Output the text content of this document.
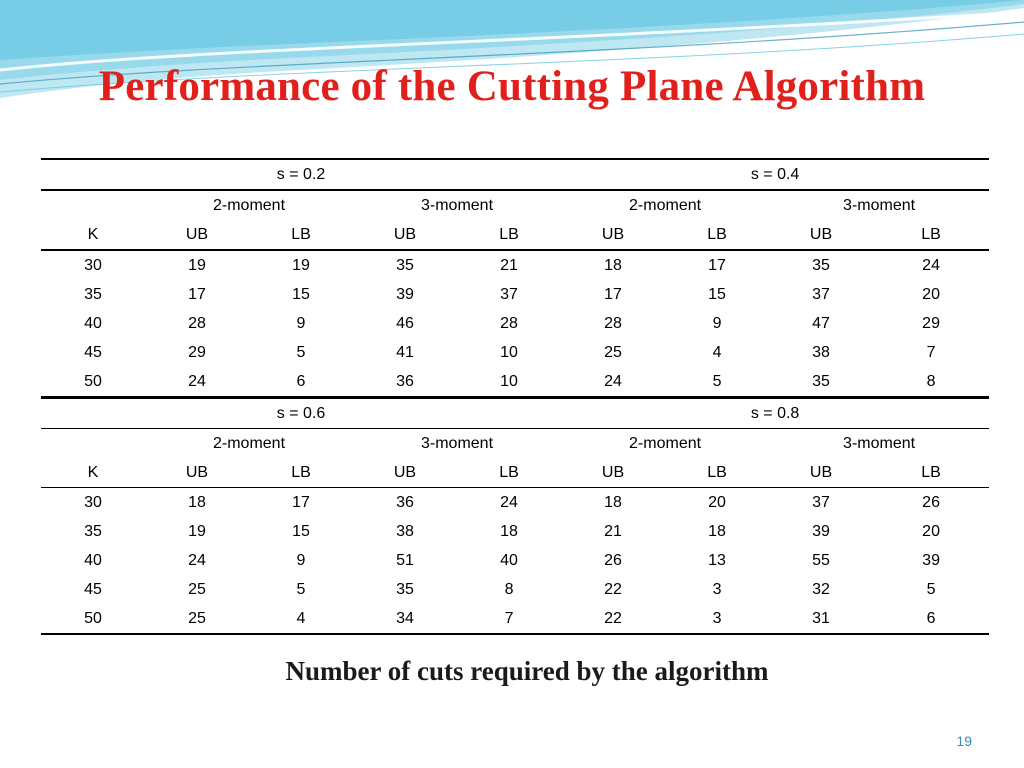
Performance of the Cutting Plane Algorithm
s = 0.2					s = 0.4			
	2-moment		3-moment		2-moment		3-moment	
K	UB	LB	UB	LB	UB	LB	UB	LB
30	19	19	35	21	18	17	35	24
35	17	15	39	37	17	15	37	20
40	28	9	46	28	28	9	47	29
45	29	5	41	10	25	4	38	7
50	24	6	36	10	24	5	35	8
s = 0.6					s = 0.8			
	2-moment		3-moment		2-moment		3-moment	
K	UB	LB	UB	LB	UB	LB	UB	LB
30	18	17	36	24	18	20	37	26
35	19	15	38	18	21	18	39	20
40	24	9	51	40	26	13	55	39
45	25	5	35	8	22	3	32	5
50	25	4	34	7	22	3	31	6
Number of cuts required by the algorithm
19
